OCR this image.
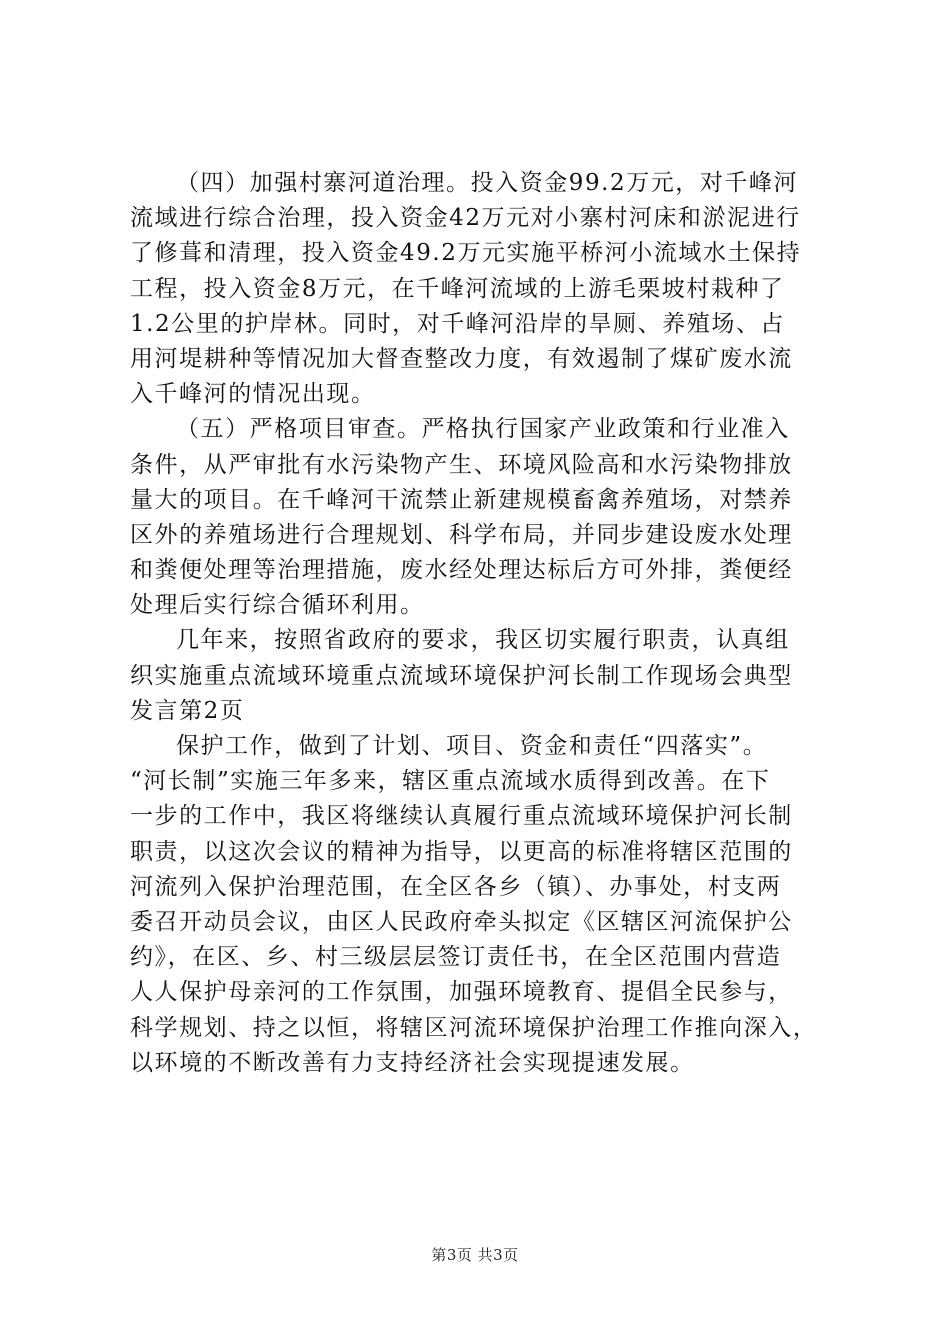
（四）加强村寨河道治理。投入资金99.2万元，对千峰河
流域进行综合治理，投入资金42万元对小寨村河床和淤泥进行
了修葺和清理，投入资金49.2万元实施平桥河小流域水土保持
工程，投入资金8万元，在千峰河流域的上游毛栗坡村栽种了
1.2公里的护岸林。同时，对千峰河沿岸的旱厕、养殖场、占
用河堤耕种等情况加大督查整改力度，有效遏制了煤矿废水流
入千峰河的情况出现。
（五）严格项目审查。严格执行国家产业政策和行业准入
条件，从严审批有水污染物产生、环境风险高和水污染物排放
量大的项目。在千峰河干流禁止新建规模畜禽养殖场，对禁养
区外的养殖场进行合理规划、科学布局，并同步建设废水处理
和粪便处理等治理措施，废水经处理达标后方可外排，粪便经
处理后实行综合循环利用。
几年来，按照省政府的要求，我区切实履行职责，认真组
织实施重点流域环境重点流域环境保护河长制工作现场会典型
发言第2页
保护工作，做到了计划、项目、资金和责任“四落实”。
“河长制”实施三年多来，辖区重点流域水质得到改善。在下
一步的工作中，我区将继续认真履行重点流域环境保护河长制
职责，以这次会议的精神为指导，以更高的标准将辖区范围的
河流列入保护治理范围，在全区各乡（镇）、办事处，村支两
委召开动员会议，由区人民政府牵头拟定《区辖区河流保护公
约》，在区、乡、村三级层层签订责任书，在全区范围内营造
人人保护母亲河的工作氛围，加强环境教育、提倡全民参与，
科学规划、持之以恒，将辖区河流环境保护治理工作推向深入，
以环境的不断改善有力支持经济社会实现提速发展。
第3页 共3页
